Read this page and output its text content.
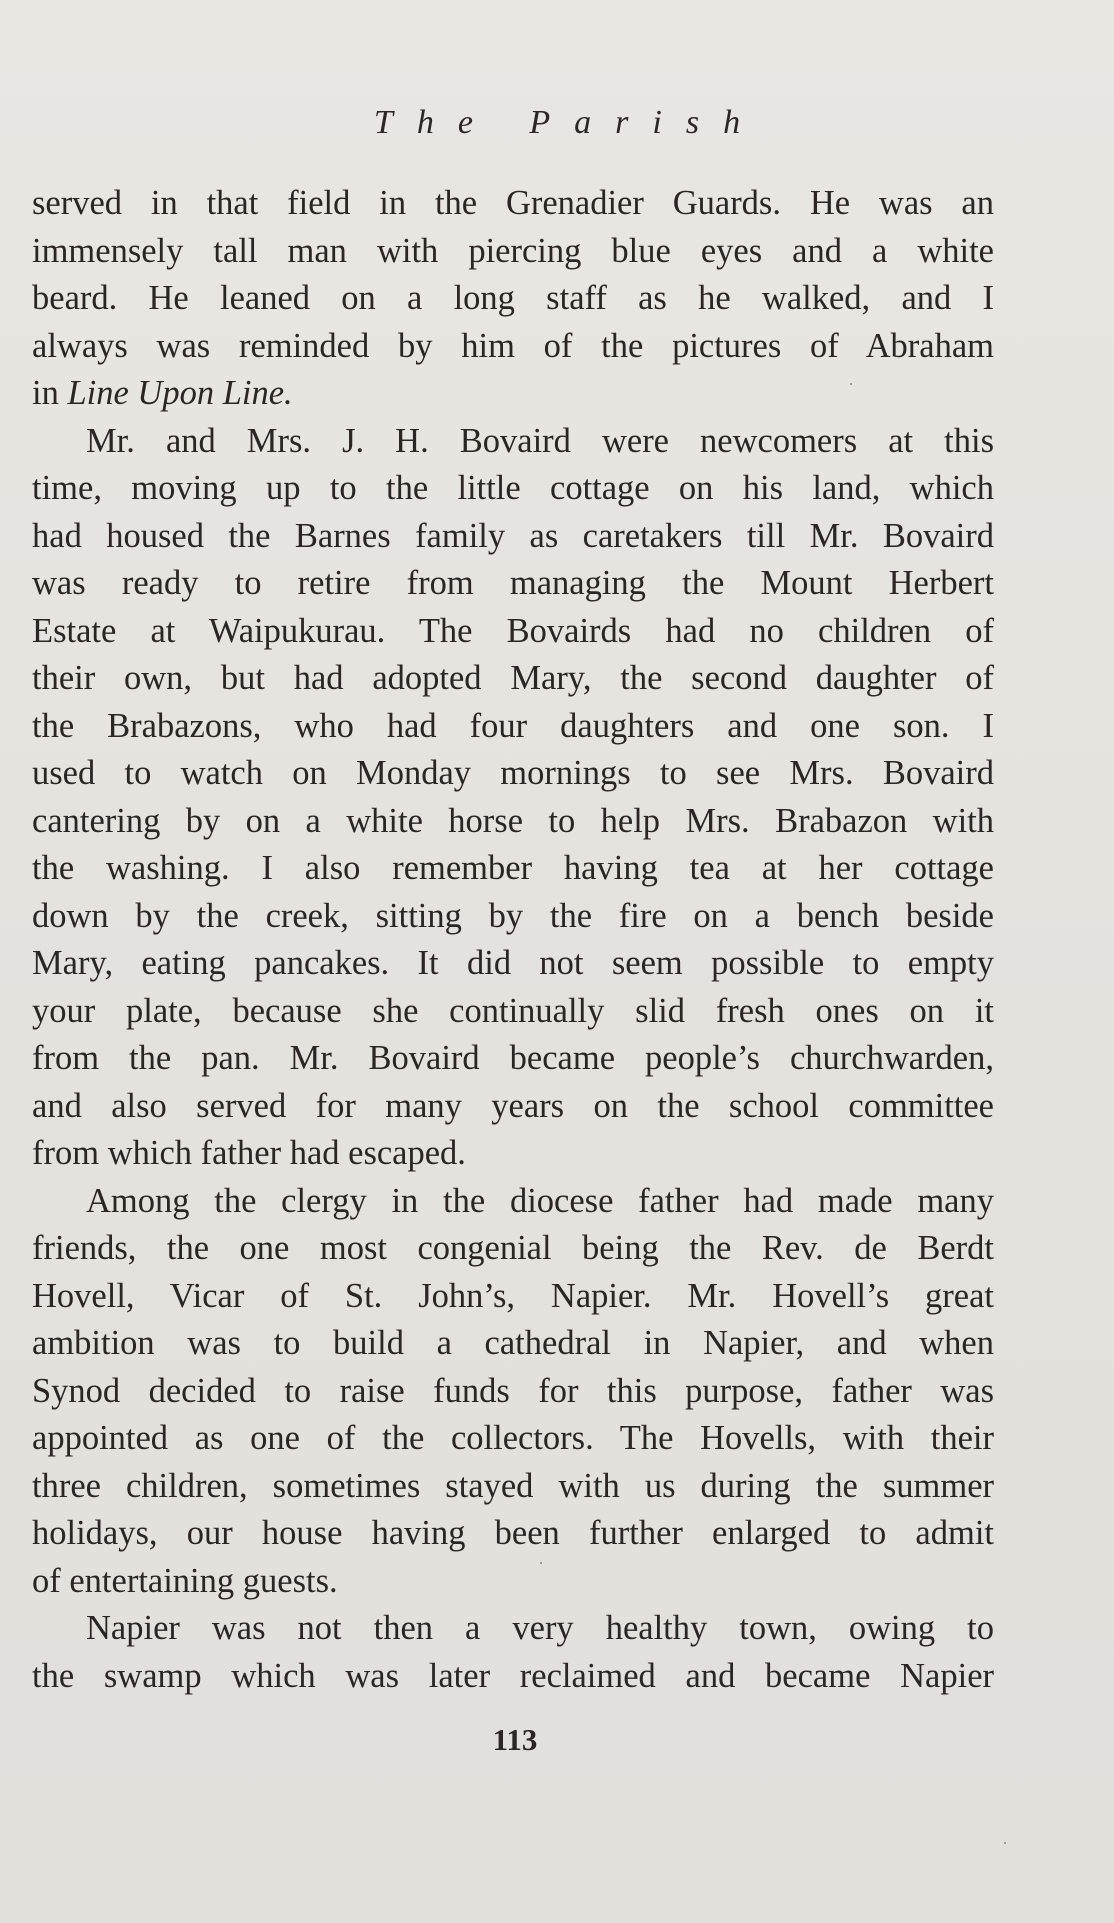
The Parish
served in that field in the Grenadier Guards. He was an
immensely tall man with piercing blue eyes and a white
beard. He leaned on a long staff as he walked, and I
always was reminded by him of the pictures of Abraham
in Line Upon Line.
Mr. and Mrs. J. H. Bovaird were newcomers at this
time, moving up to the little cottage on his land, which
had housed the Barnes family as caretakers till Mr. Bovaird
was ready to retire from managing the Mount Herbert
Estate at Waipukurau. The Bovairds had no children of
their own, but had adopted Mary, the second daughter of
the Brabazons, who had four daughters and one son. I
used to watch on Monday mornings to see Mrs. Bovaird
cantering by on a white horse to help Mrs. Brabazon with
the washing. I also remember having tea at her cottage
down by the creek, sitting by the fire on a bench beside
Mary, eating pancakes. It did not seem possible to empty
your plate, because she continually slid fresh ones on it
from the pan. Mr. Bovaird became people’s churchwarden,
and also served for many years on the school committee
from which father had escaped.
Among the clergy in the diocese father had made many
friends, the one most congenial being the Rev. de Berdt
Hovell, Vicar of St. John’s, Napier. Mr. Hovell’s great
ambition was to build a cathedral in Napier, and when
Synod decided to raise funds for this purpose, father was
appointed as one of the collectors. The Hovells, with their
three children, sometimes stayed with us during the summer
holidays, our house having been further enlarged to admit
of entertaining guests.
Napier was not then a very healthy town, owing to
the swamp which was later reclaimed and became Napier
113
